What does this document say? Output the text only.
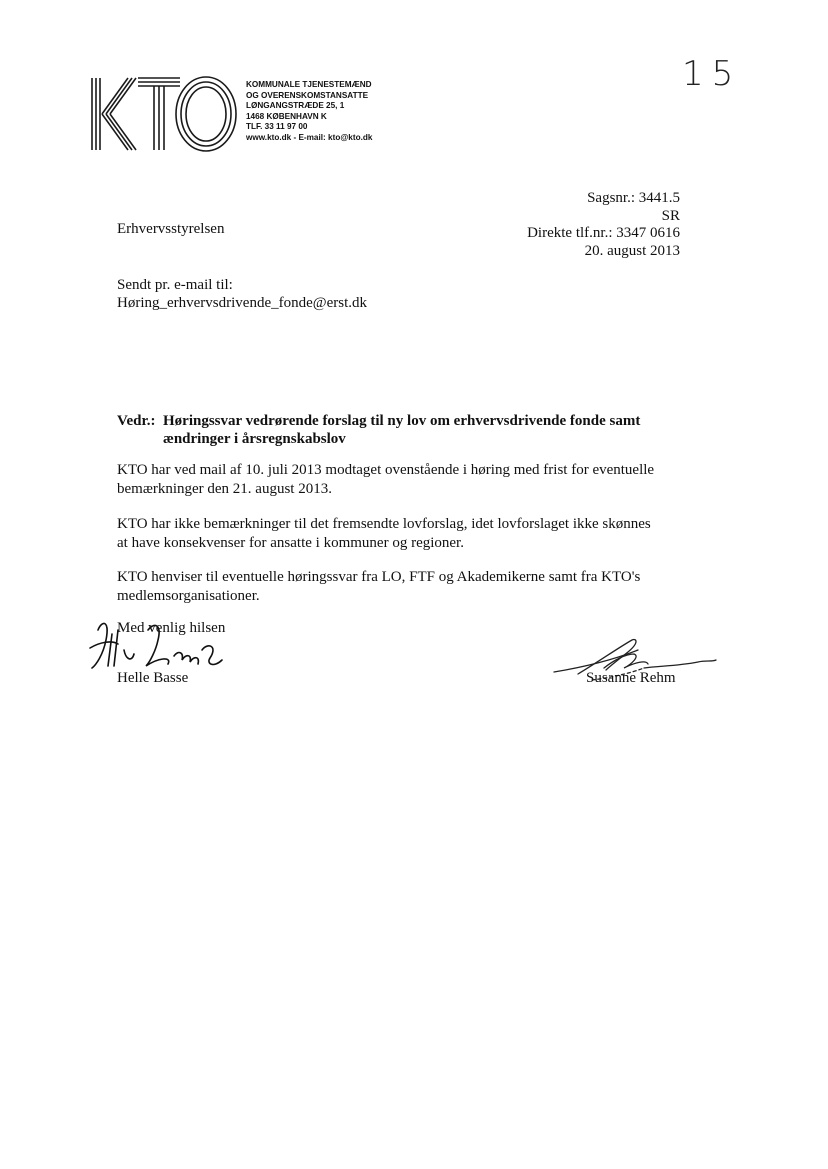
15
KOMMUNALE TJENESTEMÆND
OG OVERENSKOMSTANSATTE
LØNGANGSTRÆDE 25, 1
1468 KØBENHAVN K
TLF. 33 11 97 00
www.kto.dk - E-mail: kto@kto.dk
Sagsnr.: 3441.5
SR
Direkte tlf.nr.: 3347 0616
20. august 2013
Erhvervsstyrelsen
Sendt pr. e-mail til:
Høring_erhvervsdrivende_fonde@erst.dk
Vedr.: Høringssvar vedrørende forslag til ny lov om erhvervsdrivende fonde samt
ændringer i årsregnskabslov
KTO har ved mail af 10. juli 2013 modtaget ovenstående i høring med frist for eventuelle
bemærkninger den 21. august 2013.
KTO har ikke bemærkninger til det fremsendte lovforslag, idet lovforslaget ikke skønnes
at have konsekvenser for ansatte i kommuner og regioner.
KTO henviser til eventuelle høringssvar fra LO, FTF og Akademikerne samt fra KTO's
medlemsorganisationer.
Med venlig hilsen
Helle Basse	Susanne Rehm
